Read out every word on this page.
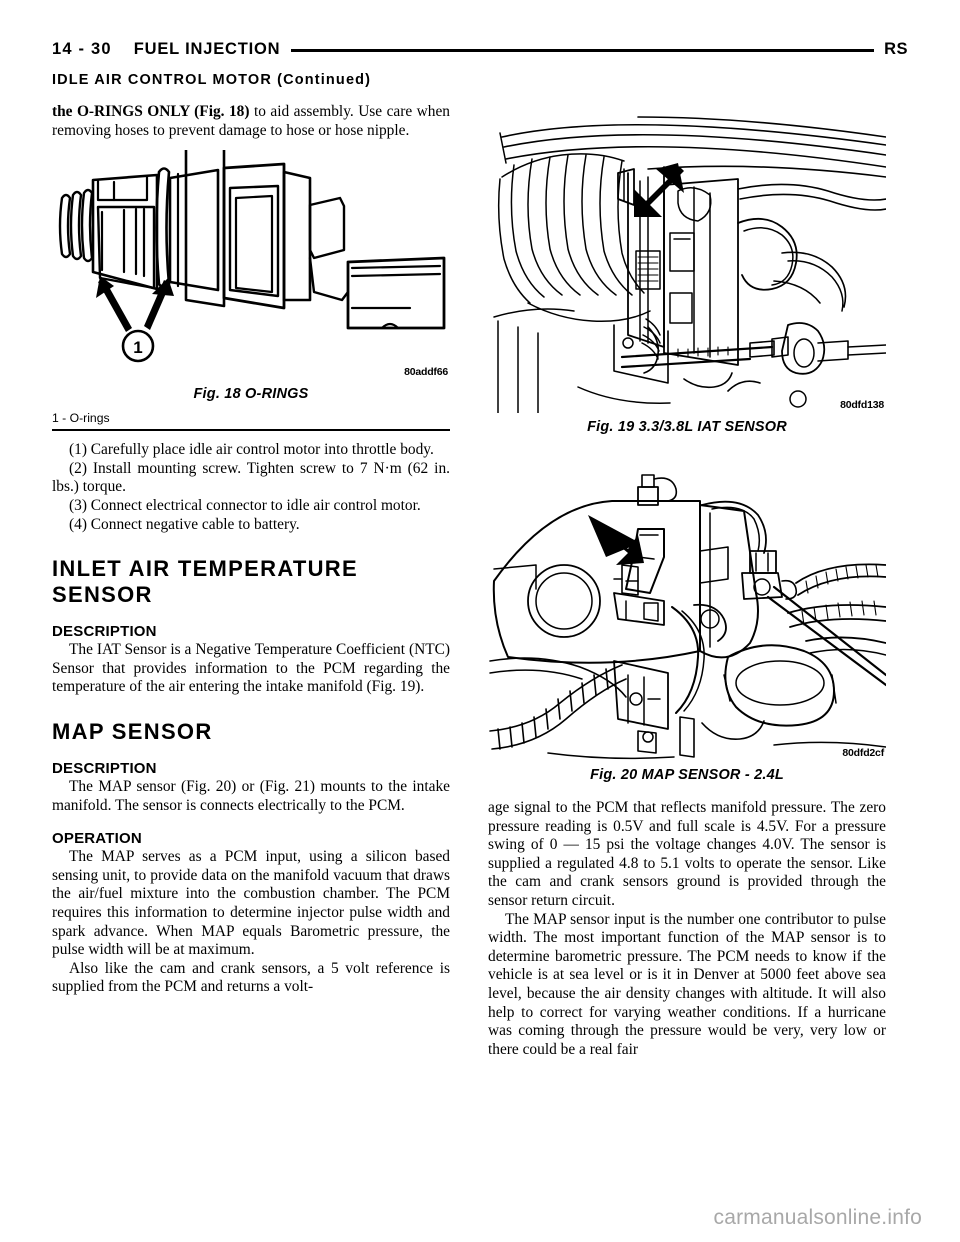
14 - 30 FUEL INJECTION	RS
IDLE AIR CONTROL MOTOR (Continued)

the O-RINGS ONLY (Fig. 18) to aid assembly. Use care when removing hoses to prevent damage to hose or hose nipple.

1
80addf66
Fig. 18 O-RINGS
1 - O-rings

(1) Carefully place idle air control motor into throttle body.

(2) Install mounting screw. Tighten screw to 7 N·m (62 in. lbs.) torque.

(3) Connect electrical connector to idle air control motor.

(4) Connect negative cable to battery.

INLET AIR TEMPERATURE SENSOR
DESCRIPTION

The IAT Sensor is a Negative Temperature Coefficient (NTC) Sensor that provides information to the PCM regarding the temperature of the air entering the intake manifold (Fig. 19).

MAP SENSOR
DESCRIPTION

The MAP sensor (Fig. 20) or (Fig. 21) mounts to the intake manifold. The sensor is connects electrically to the PCM.

OPERATION

The MAP serves as a PCM input, using a silicon based sensing unit, to provide data on the manifold vacuum that draws the air/fuel mixture into the combustion chamber. The PCM requires this information to determine injector pulse width and spark advance. When MAP equals Barometric pressure, the pulse width will be at maximum.

Also like the cam and crank sensors, a 5 volt reference is supplied from the PCM and returns a volt-

80dfd138
Fig. 19 3.3/3.8L IAT SENSOR
80dfd2cf
Fig. 20 MAP SENSOR - 2.4L

age signal to the PCM that reflects manifold pressure. The zero pressure reading is 0.5V and full scale is 4.5V. For a pressure swing of 0 — 15 psi the voltage changes 4.0V. The sensor is supplied a regulated 4.8 to 5.1 volts to operate the sensor. Like the cam and crank sensors ground is provided through the sensor return circuit.

The MAP sensor input is the number one contributor to pulse width. The most important function of the MAP sensor is to determine barometric pressure. The PCM needs to know if the vehicle is at sea level or is it in Denver at 5000 feet above sea level, because the air density changes with altitude. It will also help to correct for varying weather conditions. If a hurricane was coming through the pressure would be very, very low or there could be a real fair

carmanualsonline.info
